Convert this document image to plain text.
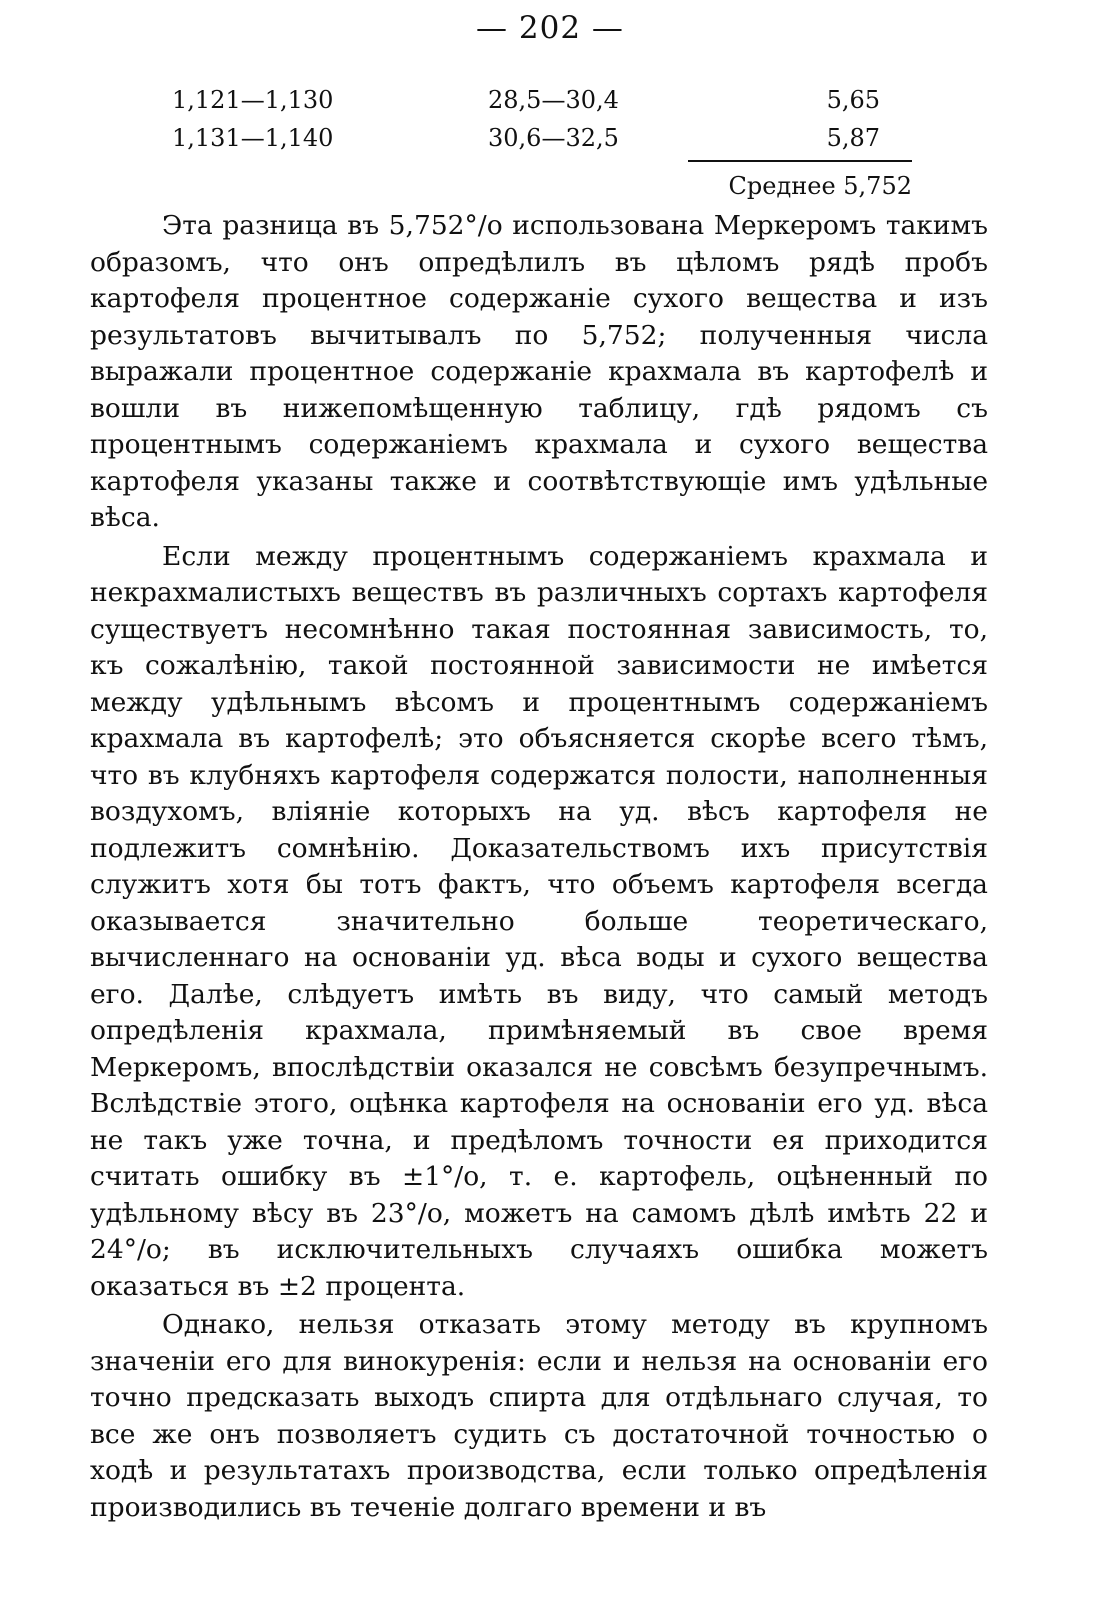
— 202 —
1,121—1,130	28,5—30,4	5,65
1,131—1,140	30,6—32,5	5,87
Среднее 5,752

Эта разница въ 5,752°/о использована Меркеромъ такимъ образомъ, что онъ опредѣлилъ въ цѣломъ рядѣ пробъ картофеля процентное содержаніе сухого вещества и изъ результатовъ вычитывалъ по 5,752; полученныя числа выражали процентное содержаніе крахмала въ картофелѣ и вошли въ нижепомѣщенную таблицу, гдѣ рядомъ съ процентнымъ содержаніемъ крахмала и сухого вещества картофеля указаны также и соотвѣтствующіе имъ удѣльные вѣса.

Если между процентнымъ содержаніемъ крахмала и некрахмалистыхъ веществъ въ различныхъ сортахъ картофеля существуетъ несомнѣнно такая постоянная зависимость, то, къ сожалѣнію, такой постоянной зависимости не имѣется между удѣльнымъ вѣсомъ и процентнымъ содержаніемъ крахмала въ картофелѣ; это объясняется скорѣе всего тѣмъ, что въ клубняхъ картофеля содержатся полости, наполненныя воздухомъ, вліяніе которыхъ на уд. вѣсъ картофеля не подлежитъ сомнѣнію. Доказательствомъ ихъ присутствія служитъ хотя бы тотъ фактъ, что объемъ картофеля всегда оказывается значительно больше теоретическаго, вычисленнаго на основаніи уд. вѣса воды и сухого вещества его. Далѣе, слѣдуетъ имѣть въ виду, что самый методъ опредѣленія крахмала, примѣняемый въ свое время Меркеромъ, впослѣдствіи оказался не совсѣмъ безупречнымъ. Вслѣдствіе этого, оцѣнка картофеля на основаніи его уд. вѣса не такъ уже точна, и предѣломъ точности ея приходится считать ошибку въ ±1°/о, т. е. картофель, оцѣненный по удѣльному вѣсу въ 23°/о, можетъ на самомъ дѣлѣ имѣть 22 и 24°/о; въ исключительныхъ случаяхъ ошибка можетъ оказаться въ ±2 процента.

Однако, нельзя отказать этому методу въ крупномъ значеніи его для винокуренія: если и нельзя на основаніи его точно предсказать выходъ спирта для отдѣльнаго случая, то все же онъ позволяетъ судить съ достаточной точностью о ходѣ и результатахъ производства, если только опредѣленія производились въ теченіе долгаго времени и въ
